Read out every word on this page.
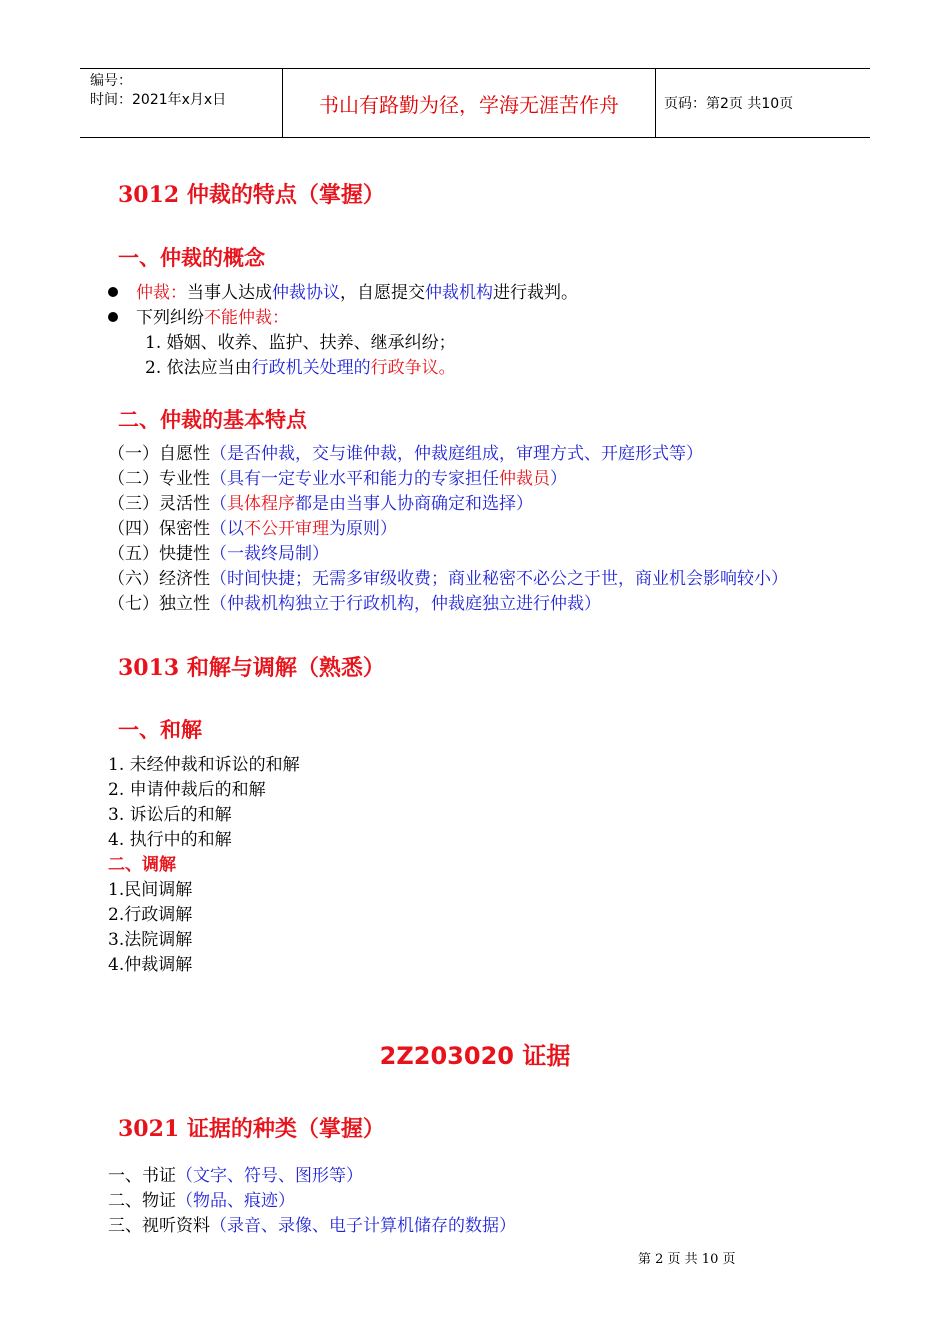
编号：
时间：2021年x月x日	书山有路勤为径，学海无涯苦作舟	页码：第2页 共10页
3012 仲裁的特点（掌握）
一、仲裁的概念
仲裁：当事人达成仲裁协议，自愿提交仲裁机构进行裁判。
下列纠纷不能仲裁：
1. 婚姻、收养、监护、扶养、继承纠纷；
2. 依法应当由行政机关处理的行政争议。
二、仲裁的基本特点
（一）自愿性（是否仲裁，交与谁仲裁，仲裁庭组成，审理方式、开庭形式等）
（二）专业性（具有一定专业水平和能力的专家担任仲裁员）
（三）灵活性（具体程序都是由当事人协商确定和选择）
（四）保密性（以不公开审理为原则）
（五）快捷性（一裁终局制）
（六）经济性（时间快捷；无需多审级收费；商业秘密不必公之于世，商业机会影响较小）
（七）独立性（仲裁机构独立于行政机构，仲裁庭独立进行仲裁）
3013 和解与调解（熟悉）
一、和解
1. 未经仲裁和诉讼的和解
2. 申请仲裁后的和解
3. 诉讼后的和解
4. 执行中的和解
二、调解
1.民间调解
2.行政调解
3.法院调解
4.仲裁调解
2Z203020 证据
3021 证据的种类（掌握）
一、书证（文字、符号、图形等）
二、物证（物品、痕迹）
三、视听资料（录音、录像、电子计算机储存的数据）
第 2 页 共 10 页
